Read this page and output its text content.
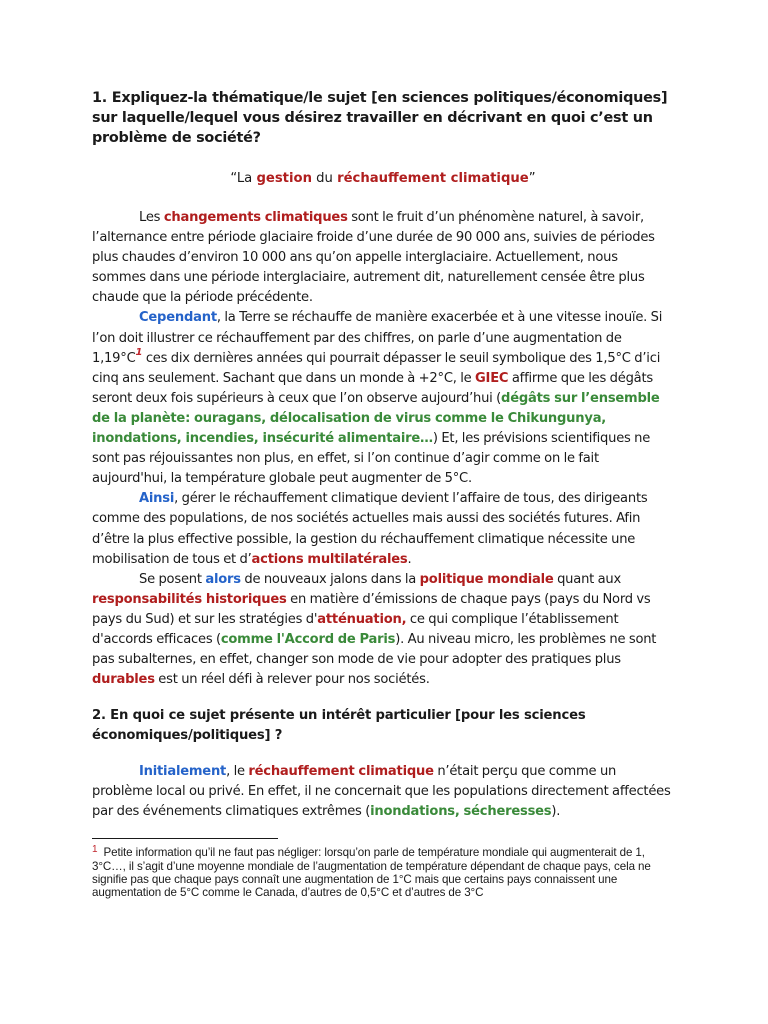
1. Expliquez-la thématique/le sujet [en sciences politiques/économiques] sur laquelle/lequel vous désirez travailler en décrivant en quoi c’est un problème de société?

“La gestion du réchauffement climatique”

Les changements climatiques sont le fruit d’un phénomène naturel, à savoir, l’alternance entre période glaciaire froide d’une durée de 90 000 ans, suivies de périodes plus chaudes d’environ 10 000 ans qu’on appelle interglaciaire. Actuellement, nous sommes dans une période interglaciaire, autrement dit, naturellement censée être plus chaude que la période précédente.

Cependant, la Terre se réchauffe de manière exacerbée et à une vitesse inouïe. Si l’on doit illustrer ce réchauffement par des chiffres, on parle d’une augmentation de 1,19°C$^1$ ces dix dernières années qui pourrait dépasser le seuil symbolique des 1,5°C d’ici cinq ans seulement. Sachant que dans un monde à +2°C, le GIEC affirme que les dégâts seront deux fois supérieurs à ceux que l’on observe aujourd’hui (dégâts sur l’ensemble de la planète: ouragans, délocalisation de virus comme le Chikungunya, inondations, incendies, insécurité alimentaire…) Et, les prévisions scientifiques ne sont pas réjouissantes non plus, en effet, si l’on continue d’agir comme on le fait aujourd'hui, la température globale peut augmenter de 5°C.

Ainsi, gérer le réchauffement climatique devient l’affaire de tous, des dirigeants comme des populations, de nos sociétés actuelles mais aussi des sociétés futures. Afin d’être la plus effective possible, la gestion du réchauffement climatique nécessite une mobilisation de tous et d’actions multilatérales.

Se posent alors de nouveaux jalons dans la politique mondiale quant aux responsabilités historiques en matière d’émissions de chaque pays (pays du Nord vs pays du Sud) et sur les stratégies d'atténuation, ce qui complique l’établissement d'accords efficaces (comme l'Accord de Paris). Au niveau micro, les problèmes ne sont pas subalternes, en effet, changer son mode de vie pour adopter des pratiques plus durables est un réel défi à relever pour nos sociétés.

2. En quoi ce sujet présente un intérêt particulier [pour les sciences économiques/politiques] ?

Initialement, le réchauffement climatique n’était perçu que comme un problème local ou privé. En effet, il ne concernait que les populations directement affectées par des événements climatiques extrêmes (inondations, sécheresses).

1 Petite information qu’il ne faut pas négliger: lorsqu’on parle de température mondiale qui augmenterait de 1, 3°C…, il s’agit d’une moyenne mondiale de l’augmentation de température dépendant de chaque pays, cela ne signifie pas que chaque pays connaît une augmentation de 1°C mais que certains pays connaissent une augmentation de 5°C comme le Canada, d’autres de 0,5°C et d’autres de 3°C
